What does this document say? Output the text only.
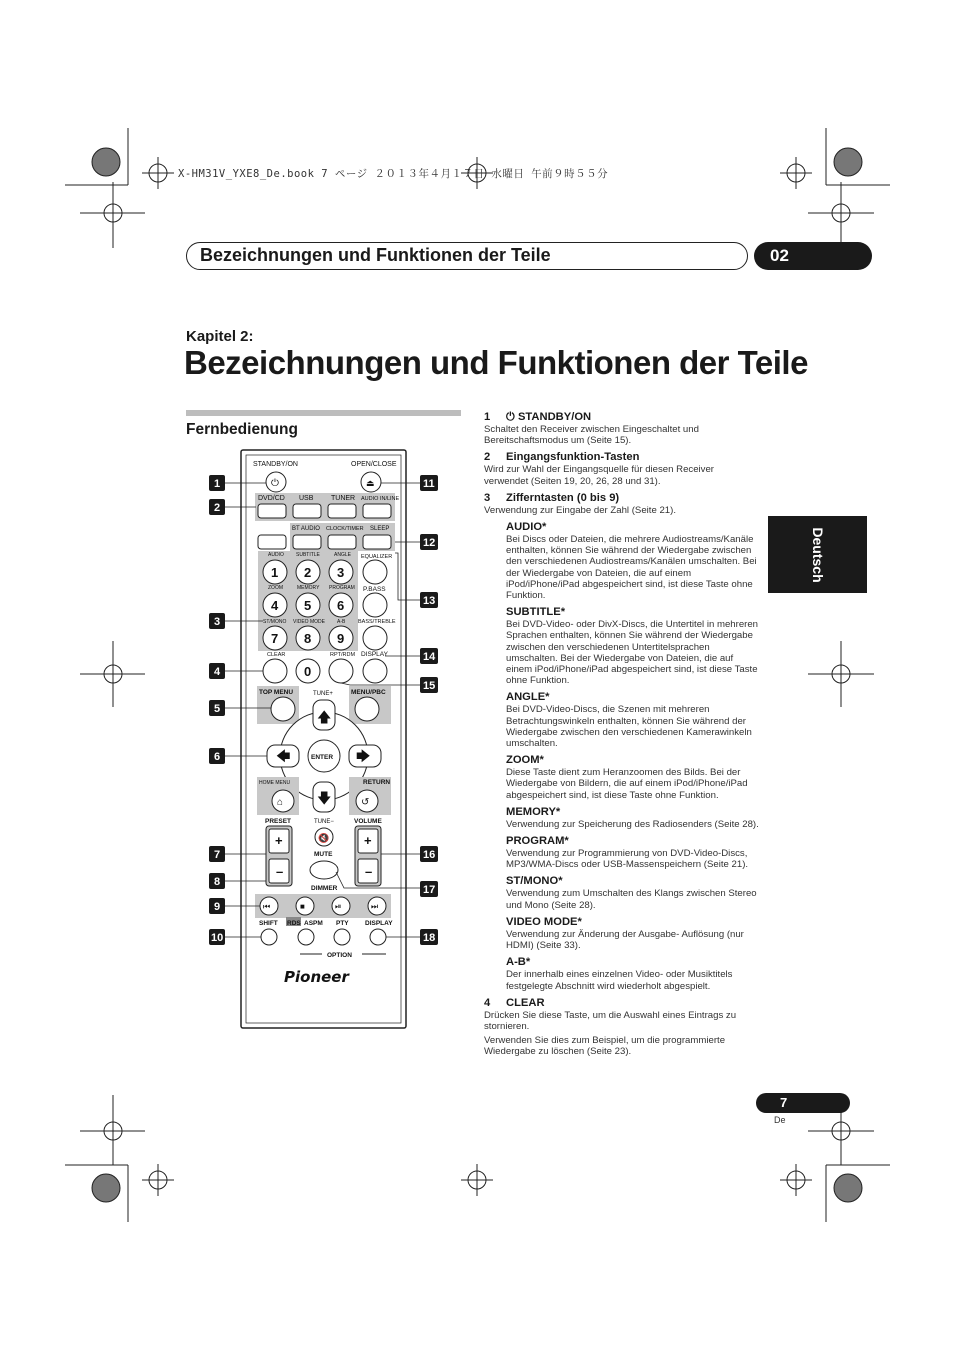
X-HM31V_YXE8_De.book 7 ページ ２０１３年４月１７日 水曜日 午前９時５５分
Bezeichnungen und Funktionen der Teile	02
Kapitel 2:
Bezeichnungen und Funktionen der Teile
Fernbedienung
Deutsch
STANDBY/ON	OPEN/CLOSE
⏻	⏏
DVD/CD USB	TUNER AUDIO IN/LINE
BT AUDIO CLOCK/TIMER SLEEP
AUDIO SUBTITLE	ANGLE EQUALIZER
1 2 3
ZOOM	MEMORY PROGRAM P.BASS
4 5 6
ST/MONO VIDEO MODE A-B BASS/TREBLE
7 8 9
CLEAR	RPT/RDM DISPLAY
0
TOP MENU	MENU/PBC
TUNE+
🡅
🡇
🡄	🡆
ENTER
HOME MENU	RETURN
⌂	↺
PRESET	TUNE−	VOLUME
+
–
+
–
🔇
MUTE
DIMMER
⏮	■	⏯	⏭
SHIFT RDS ASPM PTY	DISPLAY
OPTION
Pioneer
1
2
3
4
5
6
7
8
9
10
11
12
13
14
15
16
17
18
1 ⏻ STANDBY/ON
Schaltet den Receiver zwischen Eingeschaltet und Bereitschaftsmodus um (Seite 15).
2 Eingangsfunktion-Tasten
Wird zur Wahl der Eingangsquelle für diesen Receiver verwendet (Seiten 19, 20, 26, 28 und 31).
3 Zifferntasten (0 bis 9)
Verwendung zur Eingabe der Zahl (Seite 21).
AUDIO*
Bei Discs oder Dateien, die mehrere Audiostreams/Kanäle enthalten, können Sie während der Wiedergabe zwischen den verschiedenen Audiostreams/Kanälen umschalten. Bei der Wiedergabe von Dateien, die auf einem iPod/iPhone/iPad abgespeichert sind, ist diese Taste ohne Funktion.
SUBTITLE*
Bei DVD-Video- oder DivX-Discs, die Untertitel in mehreren Sprachen enthalten, können Sie während der Wiedergabe zwischen den verschiedenen Untertitelsprachen umschalten. Bei der Wiedergabe von Dateien, die auf einem iPod/iPhone/iPad abgespeichert sind, ist diese Taste ohne Funktion.
ANGLE*
Bei DVD-Video-Discs, die Szenen mit mehreren Betrachtungswinkeln enthalten, können Sie während der Wiedergabe zwischen den verschiedenen Kamerawinkeln umschalten.
ZOOM*
Diese Taste dient zum Heranzoomen des Bilds. Bei der Wiedergabe von Bildern, die auf einem iPod/iPhone/iPad abgespeichert sind, ist diese Taste ohne Funktion.
MEMORY*
Verwendung zur Speicherung des Radiosenders (Seite 28).
PROGRAM*
Verwendung zur Programmierung von DVD-Video-Discs, MP3/WMA-Discs oder USB-Massenspeichern (Seite 21).
ST/MONO*
Verwendung zum Umschalten des Klangs zwischen Stereo und Mono (Seite 28).
VIDEO MODE*
Verwendung zur Änderung der Ausgabe- Auflösung (nur HDMI) (Seite 33).
A-B*
Der innerhalb eines einzelnen Video- oder Musiktitels festgelegte Abschnitt wird wiederholt abgespielt.
4 CLEAR
Drücken Sie diese Taste, um die Auswahl eines Eintrags zu stornieren.
Verwenden Sie dies zum Beispiel, um die programmierte Wiedergabe zu löschen (Seite 23).
7
De
